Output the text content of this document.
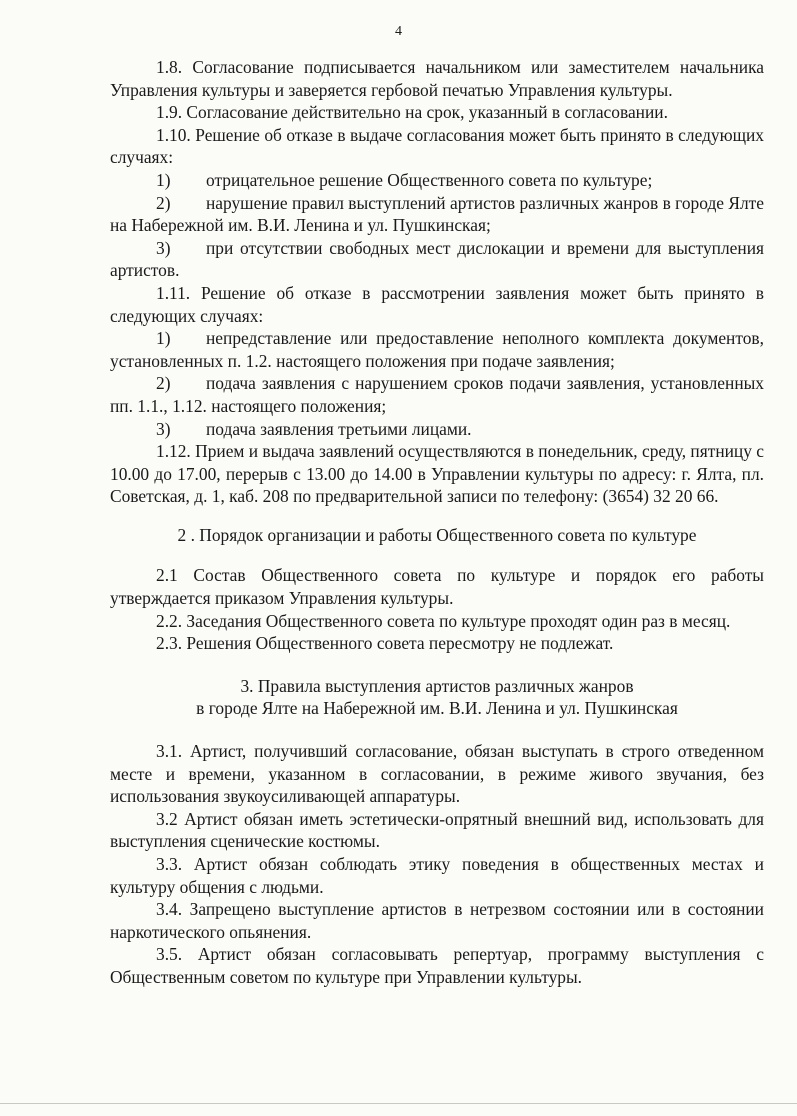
4

1.8. Согласование подписывается начальником или заместителем начальника Управления культуры и заверяется гербовой печатью Управления культуры.

1.9. Согласование действительно на срок, указанный в согласовании.

1.10. Решение об отказе в выдаче согласования может быть принято в следующих случаях:

1) отрицательное решение Общественного совета по культуре;

2) нарушение правил выступлений артистов различных жанров в городе Ялте на Набережной им. В.И. Ленина и ул. Пушкинская;

3) при отсутствии свободных мест дислокации и времени для выступления артистов.

1.11. Решение об отказе в рассмотрении заявления может быть принято в следующих случаях:

1) непредставление или предоставление неполного комплекта документов, установленных п. 1.2. настоящего положения при подаче заявления;

2) подача заявления с нарушением сроков подачи заявления, установленных пп. 1.1., 1.12. настоящего положения;

3) подача заявления третьими лицами.

1.12. Прием и выдача заявлений осуществляются в понедельник, среду, пятницу с 10.00 до 17.00, перерыв с 13.00 до 14.00 в Управлении культуры по адресу: г. Ялта, пл. Советская, д. 1, каб. 208 по предварительной записи по телефону: (3654) 32 20 66.

2 . Порядок организации и работы Общественного совета по культуре

2.1 Состав Общественного совета по культуре и порядок его работы утверждается приказом Управления культуры.

2.2. Заседания Общественного совета по культуре проходят один раз в месяц.

2.3. Решения Общественного совета пересмотру не подлежат.

3. Правила выступления артистов различных жанров

в городе Ялте на Набережной им. В.И. Ленина и ул. Пушкинская

3.1. Артист, получивший согласование, обязан выступать в строго отведенном месте и времени, указанном в согласовании, в режиме живого звучания, без использования звукоусиливающей аппаратуры.

3.2 Артист обязан иметь эстетически-опрятный внешний вид, использовать для выступления сценические костюмы.

3.3. Артист обязан соблюдать этику поведения в общественных местах и культуру общения с людьми.

3.4. Запрещено выступление артистов в нетрезвом состоянии или в состоянии наркотического опьянения.

3.5. Артист обязан согласовывать репертуар, программу выступления с Общественным советом по культуре при Управлении культуры.
